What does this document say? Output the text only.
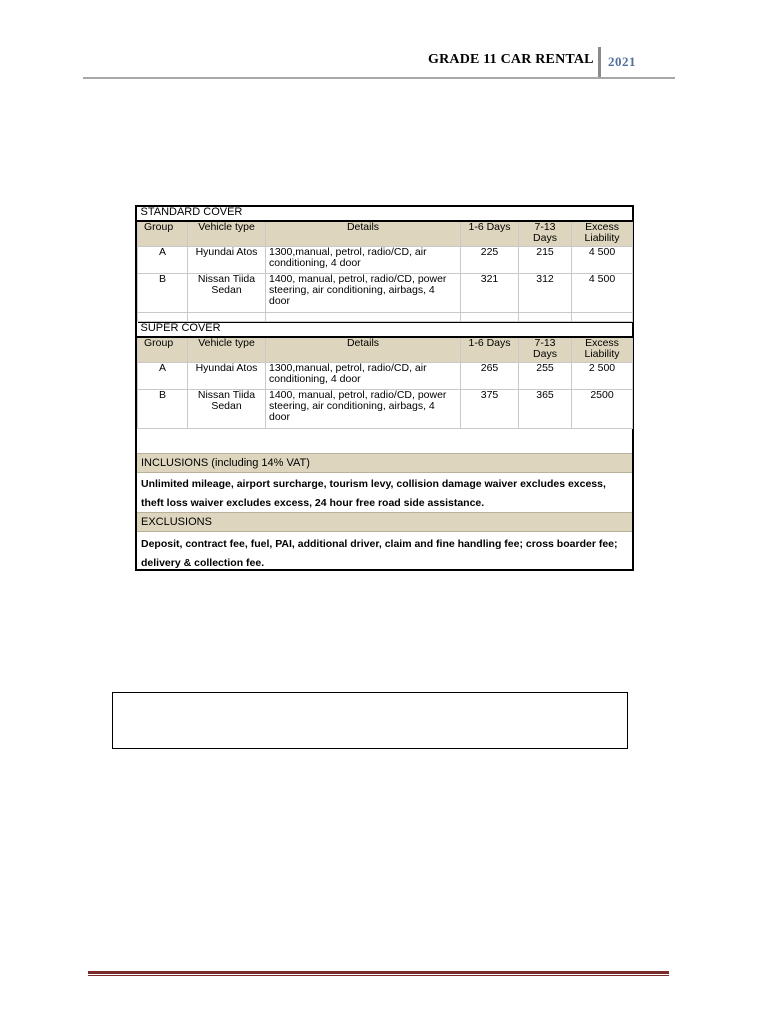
GRADE 11 CAR RENTAL 2021
STANDARD COVER					
Group	Vehicle type	Details	1-6 Days	7-13 Days	Excess Liability
A	Hyundai Atos	1300,manual, petrol, radio/CD, air conditioning, 4 door	225	215	4 500
B	Nissan Tiida Sedan	1400, manual, petrol, radio/CD, power steering, air conditioning, airbags, 4 door	321	312	4 500

SUPER COVER					
Group	Vehicle type	Details	1-6 Days	7-13 Days	Excess Liability
A	Hyundai Atos	1300,manual, petrol, radio/CD, air conditioning, 4 door	265	255	2 500
B	Nissan Tiida Sedan	1400, manual, petrol, radio/CD, power steering, air conditioning, airbags, 4 door	375	365	2500
INCLUSIONS (including 14% VAT)
Unlimited mileage, airport surcharge, tourism levy, collision damage waiver excludes excess, theft loss waiver excludes excess, 24 hour free road side assistance.
EXCLUSIONS
Deposit, contract fee, fuel, PAI, additional driver, claim and fine handling fee; cross boarder fee; delivery & collection fee.
